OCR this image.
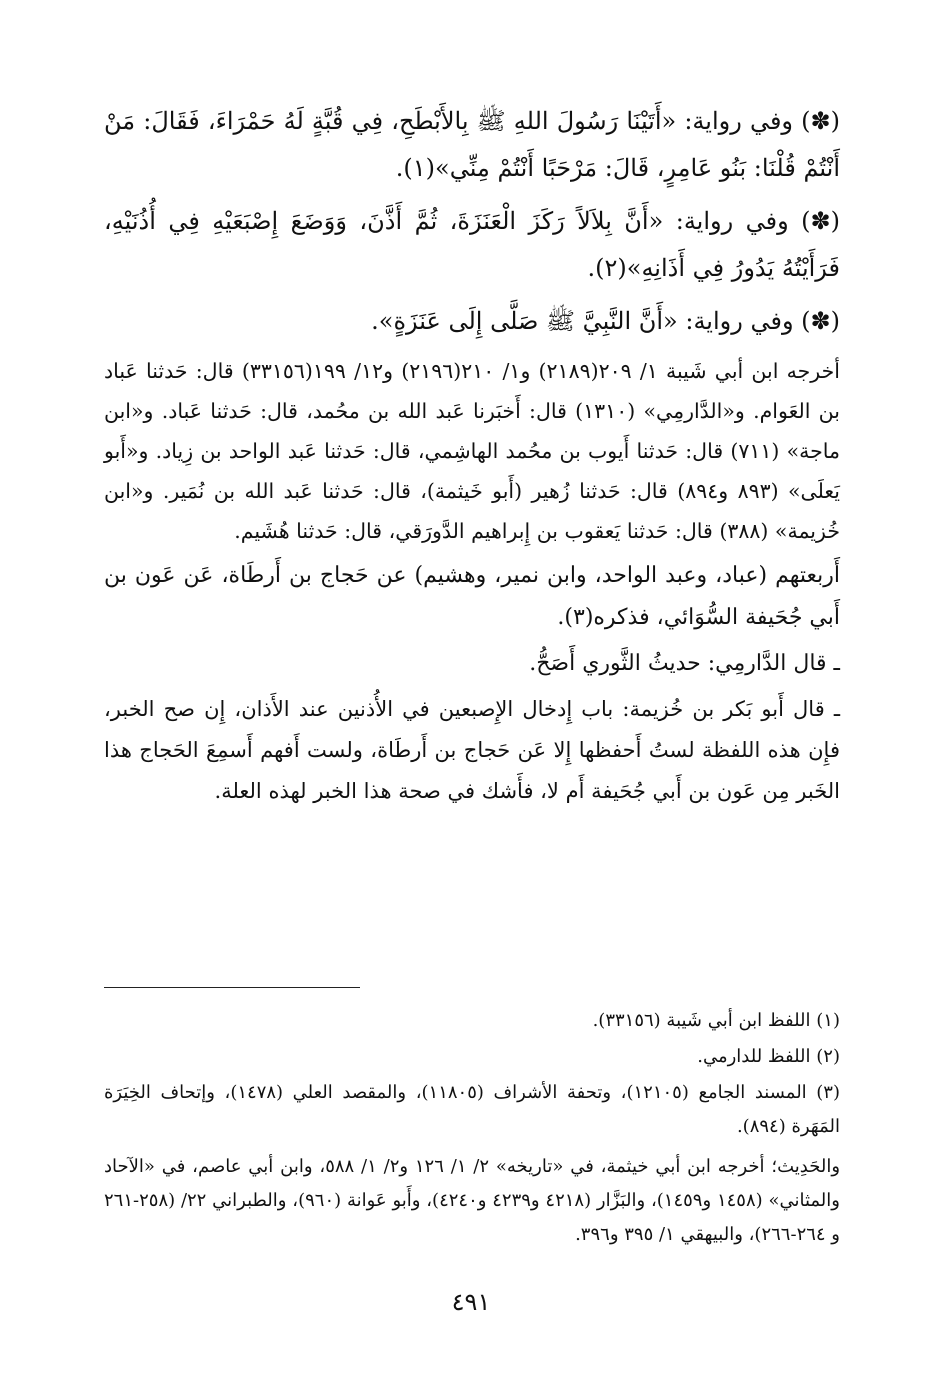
(✽) وفي رواية: «أَتَيْنَا رَسُولَ اللهِ ﷺ بِالأَبْطَحِ، فِي قُبَّةٍ لَهُ حَمْرَاءَ، فَقَالَ: مَنْ أَنْتُمْ قُلْنَا: بَنُو عَامِرٍ، قَالَ: مَرْحَبًا أَنْتُمْ مِنِّي»(١).

(✽) وفي رواية: «أَنَّ بِلاَلاً رَكَزَ الْعَنَزَةَ، ثُمَّ أَذَّنَ، وَوَضَعَ إِصْبَعَيْهِ فِي أُذُنَيْهِ، فَرَأَيْتُهُ يَدُورُ فِي أَذَانِهِ»(٢).

(✽) وفي رواية: «أَنَّ النَّبِيَّ ﷺ صَلَّى إِلَى عَنَزَةٍ».

أخرجه ابن أبي شَيبة ١/ ٢٠٩(٢١٨٩) و١/ ٢١٠(٢١٩٦) و١٢/ ١٩٩(٣٣١٥٦) قال: حَدثنا عَباد بن العَوام. و«الدَّارمِي» (١٣١٠) قال: أَخبَرنا عَبد الله بن محُمد، قال: حَدثنا عَباد. و«ابن ماجة» (٧١١) قال: حَدثنا أَيوب بن محُمد الهاشِمي، قال: حَدثنا عَبد الواحد بن زِياد. و«أَبو يَعلَى» (٨٩٣ و٨٩٤) قال: حَدثنا زُهير (أَبو خَيثمة)، قال: حَدثنا عَبد الله بن نُمَير. و«ابن خُزيمة» (٣٨٨) قال: حَدثنا يَعقوب بن إِبراهيم الدَّورَقي، قال: حَدثنا هُشَيم.

أَربعتهم (عباد، وعبد الواحد، وابن نمير، وهشيم) عن حَجاج بن أَرطَاة، عَن عَون بن أَبي جُحَيفة السُّوَائي، فذكره(٣).

ـ قال الدَّارمِي: حديثُ الثَّوري أَصَحُّ.

ـ قال أَبو بَكر بن خُزيمة: باب إِدخال الإِصبعين في الأُذنين عند الأَذان، إِن صح الخبر، فإِن هذه اللفظة لستُ أَحفظها إِلا عَن حَجاج بن أَرطَاة، ولست أَفهم أَسمِعَ الحَجاج هذا الخَبر مِن عَون بن أَبي جُحَيفة أَم لا، فأَشك في صحة هذا الخبر لهذه العلة.

(١) اللفظ ابن أبي شَيبة (٣٣١٥٦).

(٢) اللفظ للدارمي.

(٣) المسند الجامع (١٢١٠٥)، وتحفة الأشراف (١١٨٠٥)، والمقصد العلي (١٤٧٨)، وإتحاف الخِيَرَة المَهَرة (٨٩٤).

والحَدِيث؛ أخرجه ابن أبي خيثمة، في «تاريخه» ٢/ ١/ ١٢٦ و٢/ ١/ ٥٨٨، وابن أبي عاصم، في «الآحاد والمثاني» (١٤٥٨ و١٤٥٩)، والبَزَّار (٤٢١٨ و٤٢٣٩ و٤٢٤٠)، وأَبو عَوانة (٩٦٠)، والطبراني ٢٢/ (٢٥٨-٢٦١ و ٢٦٤-٢٦٦)، والبيهقي ١/ ٣٩٥ و٣٩٦.

٤٩١
